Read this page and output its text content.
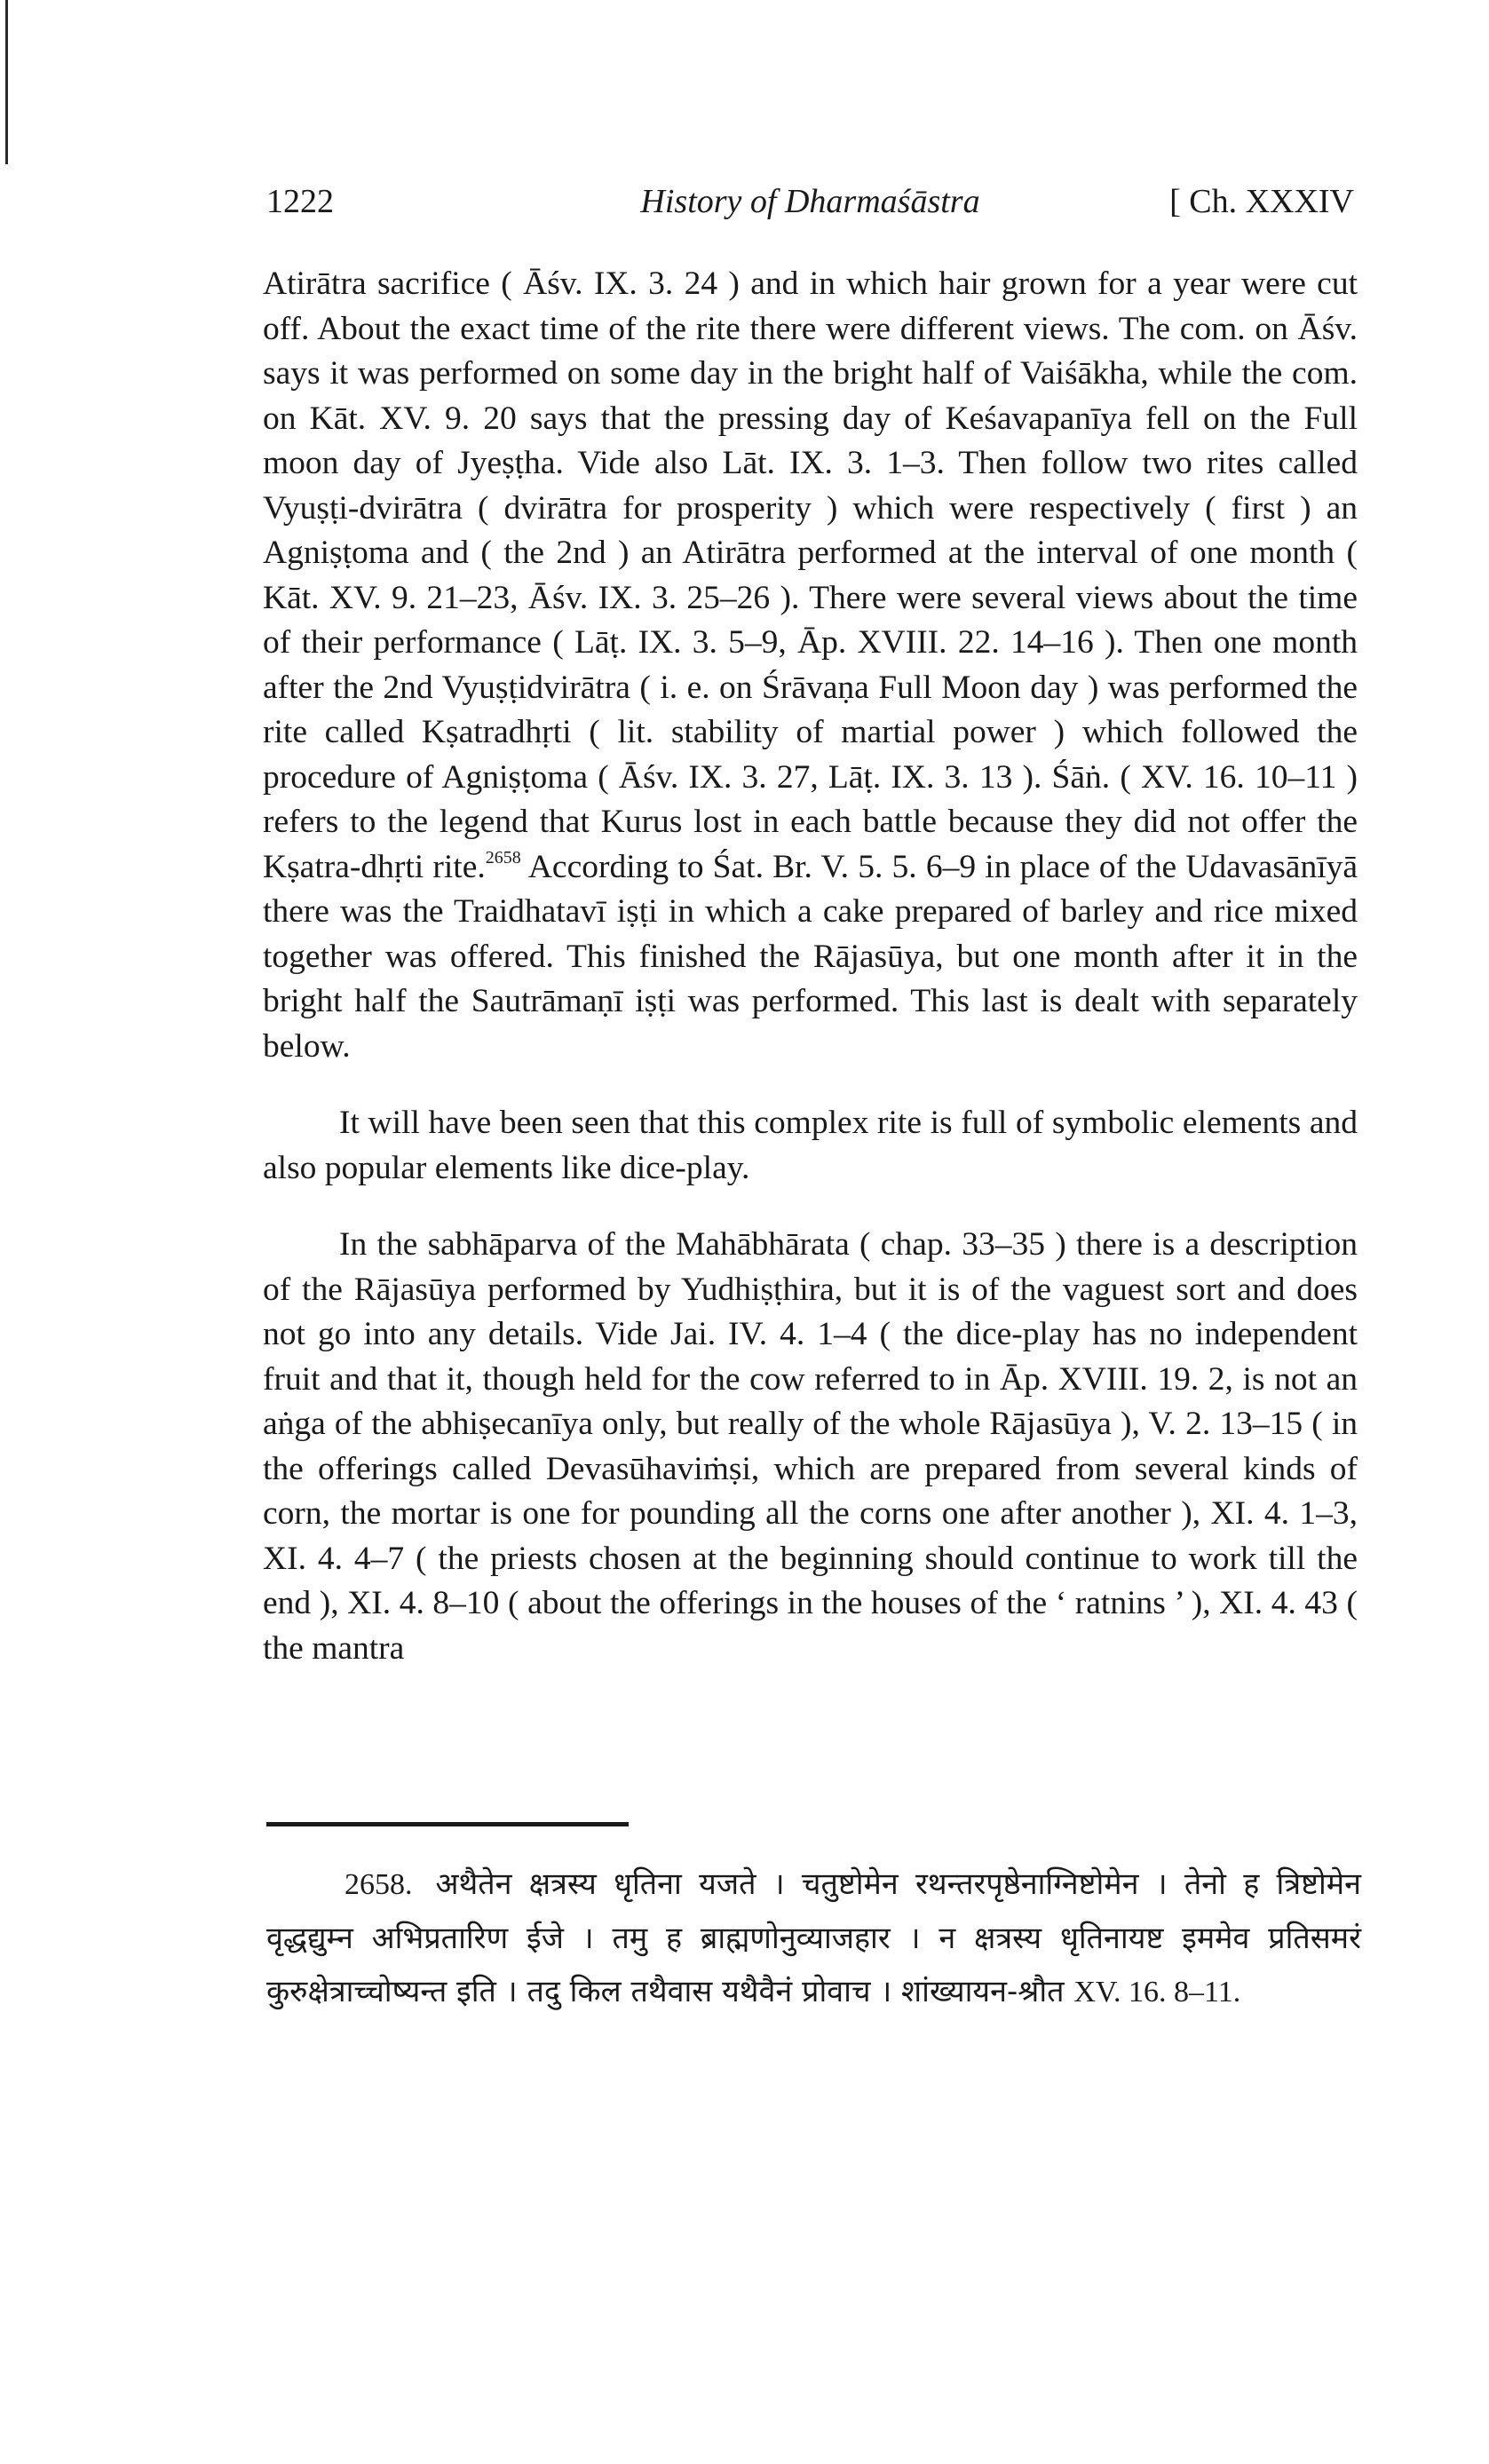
1222	History of Dharmaśāstra	[ Ch. XXXIV

Atirātra sacrifice ( Āśv. IX. 3. 24 ) and in which hair grown for a year were cut off. About the exact time of the rite there were different views. The com. on Āśv. says it was performed on some day in the bright half of Vaiśākha, while the com. on Kāt. XV. 9. 20 says that the pressing day of Keśavapanīya fell on the Full moon day of Jyeṣṭha. Vide also Lāt. IX. 3. 1–3. Then follow two rites called Vyuṣṭi-dvirātra ( dvirātra for prosperity ) which were respectively ( first ) an Agniṣṭoma and ( the 2nd ) an Atirātra performed at the interval of one month ( Kāt. XV. 9. 21–23, Āśv. IX. 3. 25–26 ). There were several views about the time of their performance ( Lāṭ. IX. 3. 5–9, Āp. XVIII. 22. 14–16 ). Then one month after the 2nd Vyuṣṭidvirātra ( i. e. on Śrāvaṇa Full Moon day ) was performed the rite called Kṣatradhṛti ( lit. stability of martial power ) which followed the procedure of Agniṣṭoma ( Āśv. IX. 3. 27, Lāṭ. IX. 3. 13 ). Śāṅ. ( XV. 16. 10–11 ) refers to the legend that Kurus lost in each battle because they did not offer the Kṣatra-dhṛti rite.$^{2658}$ According to Śat. Br. V. 5. 5. 6–9 in place of the Udavasānīyā there was the Traidhatavī iṣṭi in which a cake prepared of barley and rice mixed together was offered. This finished the Rājasūya, but one month after it in the bright half the Sautrāmaṇī iṣṭi was performed. This last is dealt with separately below.

It will have been seen that this complex rite is full of symbolic elements and also popular elements like dice-play.

In the sabhāparva of the Mahābhārata ( chap. 33–35 ) there is a description of the Rājasūya performed by Yudhiṣṭhira, but it is of the vaguest sort and does not go into any details. Vide Jai. IV. 4. 1–4 ( the dice-play has no independent fruit and that it, though held for the cow referred to in Āp. XVIII. 19. 2, is not an aṅga of the abhiṣecanīya only, but really of the whole Rājasūya ), V. 2. 13–15 ( in the offerings called Devasūhaviṁṣi, which are prepared from several kinds of corn, the mortar is one for pounding all the corns one after another ), XI. 4. 1–3, XI. 4. 4–7 ( the priests chosen at the beginning should continue to work till the end ), XI. 4. 8–10 ( about the offerings in the houses of the ‘ ratnins ’ ), XI. 4. 43 ( the mantra

2658. अथैतेन क्षत्रस्य धृतिना यजते । चतुष्टोमेन रथन्तरपृष्ठेनाग्निष्टोमेन । तेनो ह त्रिष्टोमेन वृद्धद्युम्न अभिप्रतारिण ईजे । तमु ह ब्राह्मणोनुव्याजहार । न क्षत्रस्य धृतिनायष्ट इममेव प्रतिसमरं कुरुक्षेत्राच्चोष्यन्त इति । तदु किल तथैवास यथैवैनं प्रोवाच । शांख्यायन-श्रौत XV. 16. 8–11.
